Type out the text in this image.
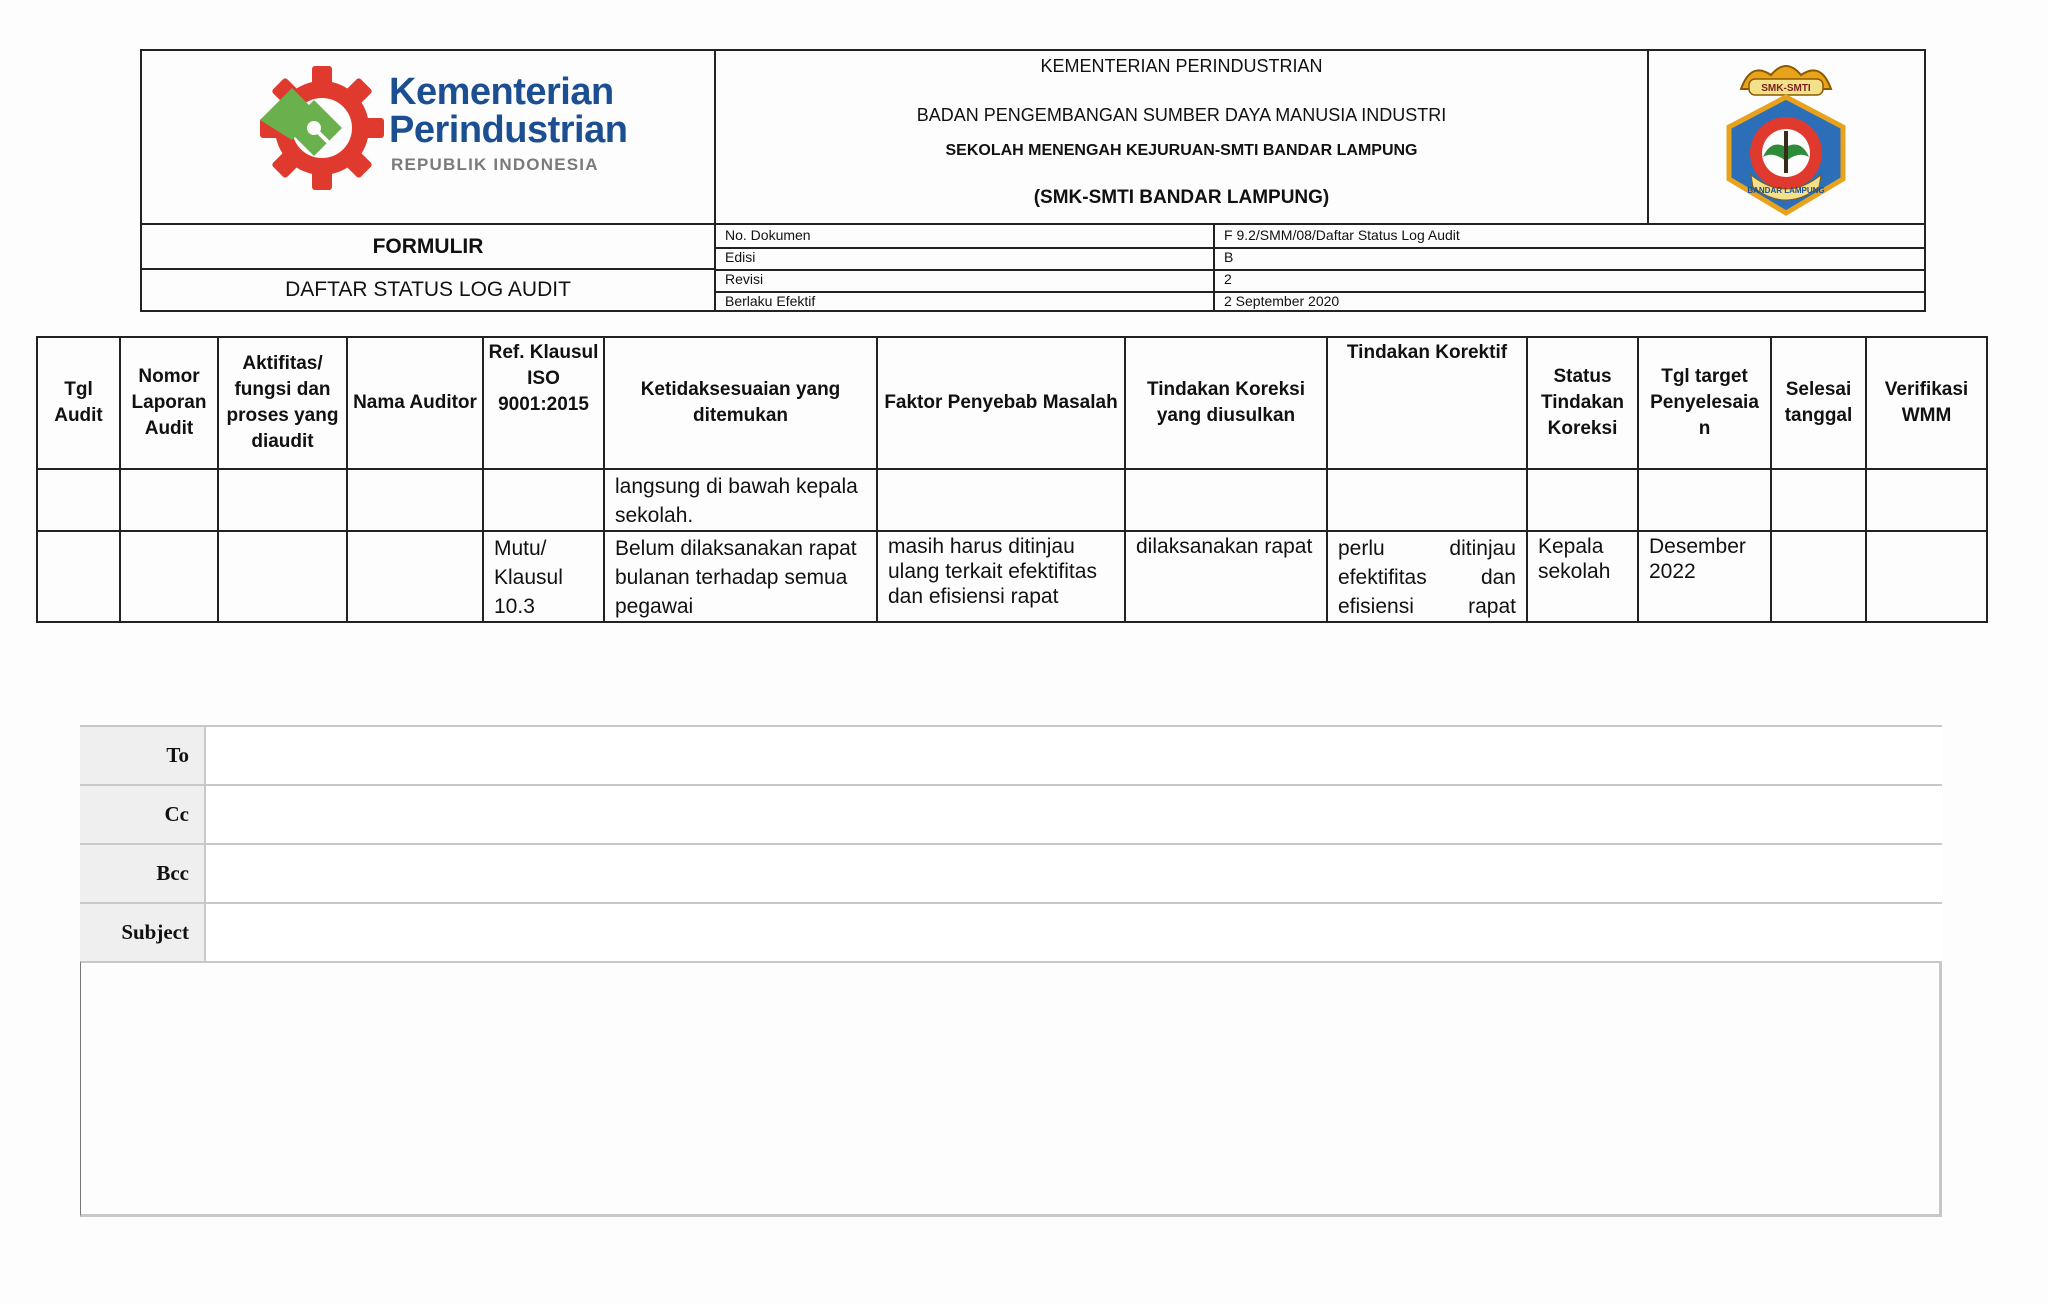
Kementerian
Perindustrian
REPUBLIK INDONESIA
KEMENTERIAN PERINDUSTRIAN
BADAN PENGEMBANGAN SUMBER DAYA MANUSIA INDUSTRI
SEKOLAH MENENGAH KEJURUAN-SMTI BANDAR LAMPUNG
(SMK-SMTI BANDAR LAMPUNG)
SMK-SMTI
BANDAR LAMPUNG
FORMULIR
DAFTAR STATUS LOG AUDIT
No. Dokumen	F 9.2/SMM/08/Daftar Status Log Audit
Edisi	B
Revisi	2
Berlaku Efektif	2 September 2020
Tgl Audit	Nomor Laporan Audit	Aktifitas/ fungsi dan proses yang diaudit	Nama Auditor	Ref. Klausul ISO 9001:2015	Ketidaksesuaian yang ditemukan	Faktor Penyebab Masalah	Tindakan Koreksi yang diusulkan	Tindakan Korektif	Status Tindakan Koreksi	Tgl target Penyelesaia n	Selesai tanggal	Verifikasi WMM
					langsung di bawah kepala sekolah.							
				Mutu/ Klausul 10.3	Belum dilaksanakan rapat bulanan terhadap semua pegawai	masih harus ditinjau ulang terkait efektifitas dan efisiensi rapat	dilaksanakan rapat	perlu ditinjau efektifitas dan efisiensi rapat	Kepala sekolah	Desember 2022		
To
Cc
Bcc
Subject
